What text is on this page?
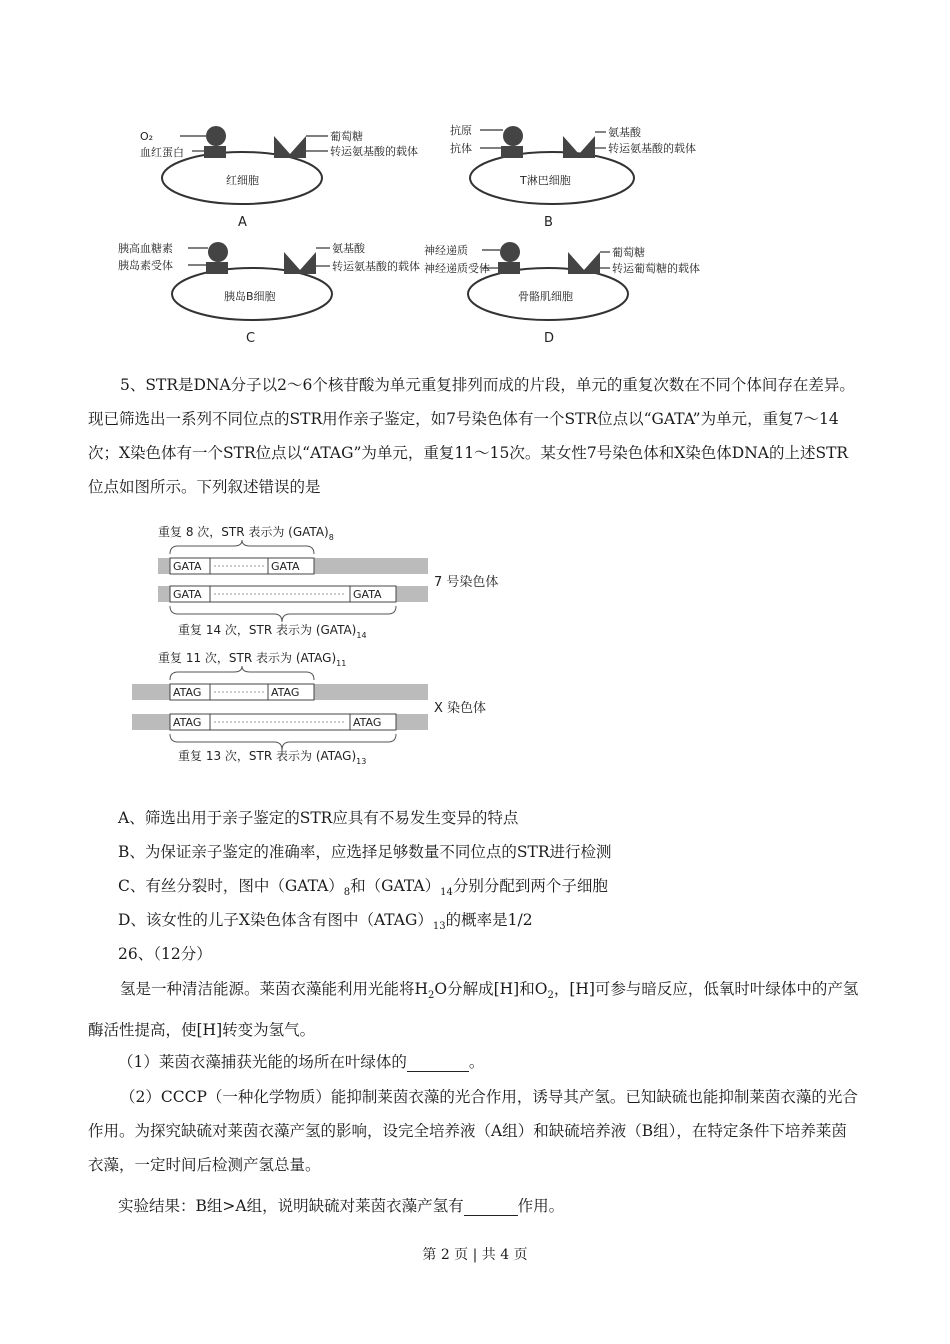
O₂
血红蛋白
葡萄糖
转运氨基酸的载体
红细胞
A
抗原
抗体
氨基酸
转运氨基酸的载体
T淋巴细胞
B
胰高血糖素
胰岛素受体
氨基酸
转运氨基酸的载体
胰岛B细胞
C
神经递质
神经递质受体
葡萄糖
转运葡萄糖的载体
骨骼肌细胞
D
5、STR是DNA分子以2～6个核苷酸为单元重复排列而成的片段，单元的重复次数在不同个体间存在差异。现已筛选出一系列不同位点的STR用作亲子鉴定，如7号染色体有一个STR位点以“GATA”为单元，重复7～14次；X染色体有一个STR位点以“ATAG”为单元，重复11～15次。某女性7号染色体和X染色体DNA的上述STR位点如图所示。下列叙述错误的是
GATA	GATA
GATA	GATA
ATAG	ATAG
ATAG	ATAG
重复 8 次，STR 表示为 $(GATA)_8$
重复 14 次，STR 表示为 $(GATA)_{14}$
7 号染色体
重复 11 次，STR 表示为 $(ATAG)_{11}$
重复 13 次，STR 表示为 $(ATAG)_{13}$
X 染色体
A、筛选出用于亲子鉴定的STR应具有不易发生变异的特点
B、为保证亲子鉴定的准确率，应选择足够数量不同位点的STR进行检测
C、有丝分裂时，图中$(GATA)_8$和$(GATA)_{14}$分别分配到两个子细胞
D、该女性的儿子X染色体含有图中$(ATAG)_{13}$的概率是1/2
26、（12分）
氢是一种清洁能源。莱茵衣藻能利用光能将$H_2O$分解成[H]和$O_2$，[H]可参与暗反应，低氧时叶绿体中的产氢酶活性提高，使[H]转变为氢气。
（1）莱茵衣藻捕获光能的场所在叶绿体的	。
（2）CCCP（一种化学物质）能抑制莱茵衣藻的光合作用，诱导其产氢。已知缺硫也能抑制莱茵衣藻的光合作用。为探究缺硫对莱茵衣藻产氢的影响，设完全培养液（A组）和缺硫培养液（B组），在特定条件下培养莱茵衣藻，一定时间后检测产氢总量。
实验结果：B组>A组，说明缺硫对莱茵衣藻产氢有	作用。
第 2 页 | 共 4 页
